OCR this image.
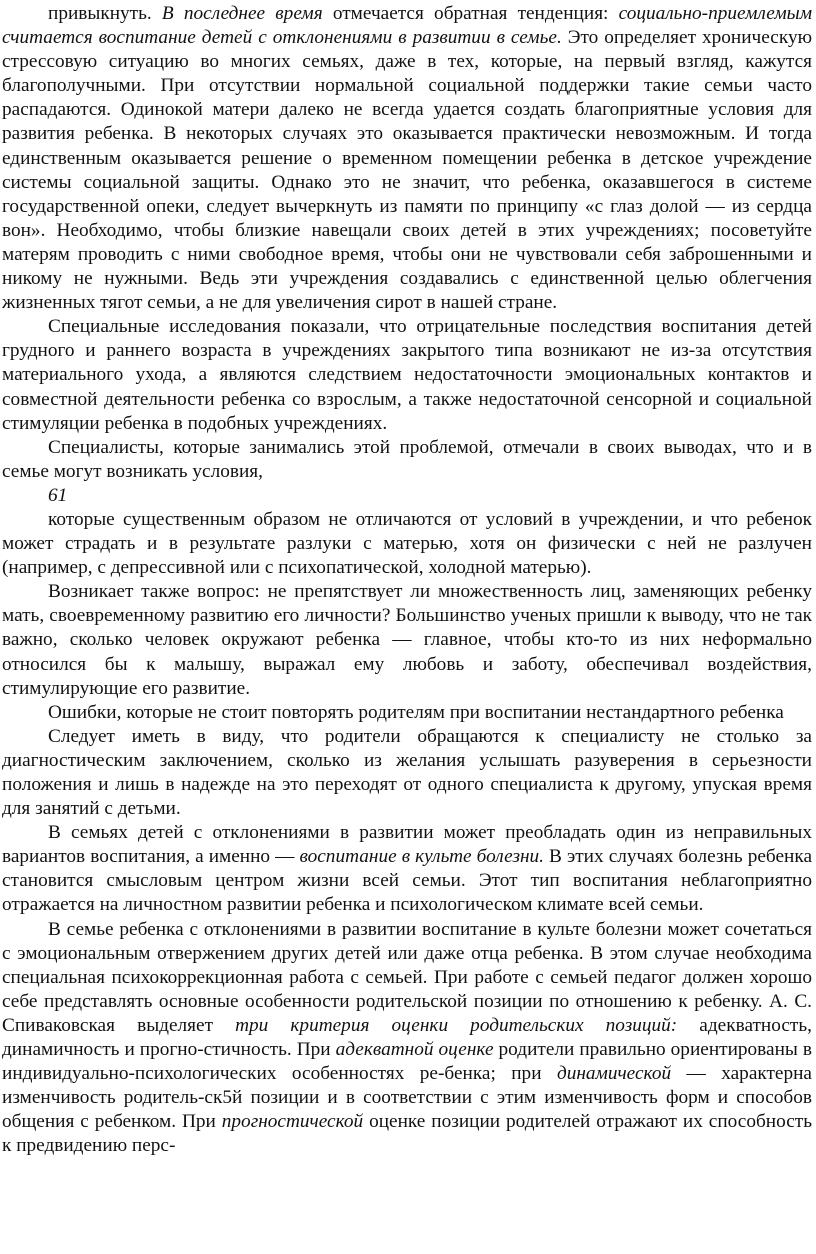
привыкнуть. В последнее время отмечается обратная тенденция: социально-приемлемым считается воспитание детей с отклонениями в развитии в семье. Это определяет хроническую стрессовую ситуацию во многих семьях, даже в тех, которые, на первый взгляд, кажутся благополучными. При отсутствии нормальной социальной поддержки такие семьи часто распадаются. Одинокой матери далеко не всегда удается создать благоприятные условия для развития ребенка. В некоторых случаях это оказывается практически невозможным. И тогда единственным оказывается решение о временном помещении ребенка в детское учреждение системы социальной защиты. Однако это не значит, что ребенка, оказавшегося в системе государственной опеки, следует вычеркнуть из памяти по принципу «с глаз долой — из сердца вон». Необходимо, чтобы близкие навещали своих детей в этих учреждениях; посоветуйте матерям проводить с ними свободное время, чтобы они не чувствовали себя заброшенными и никому не нужными. Ведь эти учреждения создавались с единственной целью облегчения жизненных тягот семьи, а не для увеличения сирот в нашей стране.

Специальные исследования показали, что отрицательные последствия воспитания детей грудного и раннего возраста в учреждениях закрытого типа возникают не из-за отсутствия материального ухода, а являются следствием недостаточности эмоциональных контактов и совместной деятельности ребенка со взрослым, а также недостаточной сенсорной и социальной стимуляции ребенка в подобных учреждениях.

Специалисты, которые занимались этой проблемой, отмечали в своих выводах, что и в семье могут возникать условия,

61

которые существенным образом не отличаются от условий в учреждении, и что ребенок может страдать и в результате разлуки с матерью, хотя он физически с ней не разлучен (например, с депрессивной или с психопатической, холодной матерью).

Возникает также вопрос: не препятствует ли множественность лиц, заменяющих ребенку мать, своевременному развитию его личности? Большинство ученых пришли к выводу, что не так важно, сколько человек окружают ребенка — главное, чтобы кто-то из них неформально относился бы к малышу, выражал ему любовь и заботу, обеспечивал воздействия, стимулирующие его развитие.

Ошибки, которые не стоит повторять родителям при воспитании нестандартного ребенка

Следует иметь в виду, что родители обращаются к специалисту не столько за диагностическим заключением, сколько из желания услышать разуверения в серьезности положения и лишь в надежде на это переходят от одного специалиста к другому, упуская время для занятий с детьми.

В семьях детей с отклонениями в развитии может преобладать один из неправильных вариантов воспитания, а именно — воспитание в культе болезни. В этих случаях болезнь ребенка становится смысловым центром жизни всей семьи. Этот тип воспитания неблагоприятно отражается на личностном развитии ребенка и психологическом климате всей семьи.

В семье ребенка с отклонениями в развитии воспитание в культе болезни может сочетаться с эмоциональным отвержением других детей или даже отца ребенка. В этом случае необходима специальная психокоррекционная работа с семьей. При работе с семьей педагог должен хорошо себе представлять основные особенности родительской позиции по отношению к ребенку. А. С. Спиваковская выделяет три критерия оценки родительских позиций: адекватность, динамичность и прогно-стичность. При адекватной оценке родители правильно ориентированы в индивидуально-психологических особенностях ре-бенка; при динамической — характерна изменчивость родитель-ск5й позиции и в соответствии с этим изменчивость форм и способов общения с ребенком. При прогностической оценке позиции родителей отражают их способность к предвидению перс-
